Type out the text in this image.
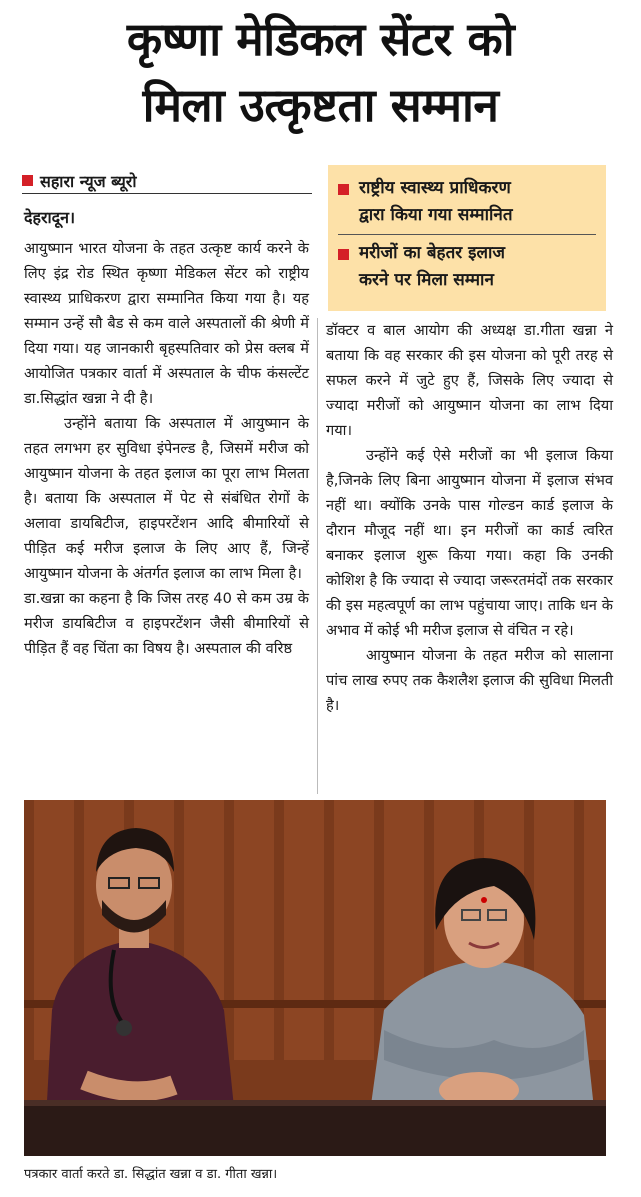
कृष्णा मेडिकल सेंटर को
मिला उत्कृष्टता सम्मान
सहारा न्यूज ब्यूरो
देहरादून।
राष्ट्रीय स्वास्थ्य प्राधिकरण
द्वारा किया गया सम्मानित
मरीजों का बेहतर इलाज
करने पर मिला सम्मान

आयुष्मान भारत योजना के तहत उत्कृष्ट कार्य करने के लिए इंद्र रोड स्थित कृष्णा मेडिकल सेंटर को राष्ट्रीय स्वास्थ्य प्राधिकरण द्वारा सम्मानित किया गया है। यह सम्मान उन्हें सौ बैड से कम वाले अस्पतालों की श्रेणी में दिया गया। यह जानकारी बृहस्पतिवार को प्रेस क्लब में आयोजित पत्रकार वार्ता में अस्पताल के चीफ कंसल्टेंट डा.सिद्धांत खन्ना ने दी है।

उन्होंने बताया कि अस्पताल में आयुष्मान के तहत लगभग हर सुविधा इंपेनल्ड है, जिसमें मरीज को आयुष्मान योजना के तहत इलाज का पूरा लाभ मिलता है। बताया कि अस्पताल में पेट से संबंधित रोगों के अलावा डायबिटीज, हाइपरटेंशन आदि बीमारियों से पीड़ित कई मरीज इलाज के लिए आए हैं, जिन्हें आयुष्मान योजना के अंतर्गत इलाज का लाभ मिला है।

डा.खन्ना का कहना है कि जिस तरह 40 से कम उम्र के मरीज डायबिटीज व हाइपरटेंशन जैसी बीमारियों से पीड़ित हैं वह चिंता का विषय है। अस्पताल की वरिष्ठ

डॉक्टर व बाल आयोग की अध्यक्ष डा.गीता खन्ना ने बताया कि वह सरकार की इस योजना को पूरी तरह से सफल करने में जुटे हुए हैं, जिसके लिए ज्यादा से ज्यादा मरीजों को आयुष्मान योजना का लाभ दिया गया।

उन्होंने कई ऐसे मरीजों का भी इलाज किया है,जिनके लिए बिना आयुष्मान योजना में इलाज संभव नहीं था। क्योंकि उनके पास गोल्डन कार्ड इलाज के दौरान मौजूद नहीं था। इन मरीजों का कार्ड त्वरित बनाकर इलाज शुरू किया गया। कहा कि उनकी कोशिश है कि ज्यादा से ज्यादा जरूरतमंदों तक सरकार की इस महत्वपूर्ण का लाभ पहुंचाया जाए। ताकि धन के अभाव में कोई भी मरीज इलाज से वंचित न रहे।

आयुष्मान योजना के तहत मरीज को सालाना पांच लाख रुपए तक कैशलैश इलाज की सुविधा मिलती है।

पत्रकार वार्ता करते डा. सिद्धांत खन्ना व डा. गीता खन्ना।
